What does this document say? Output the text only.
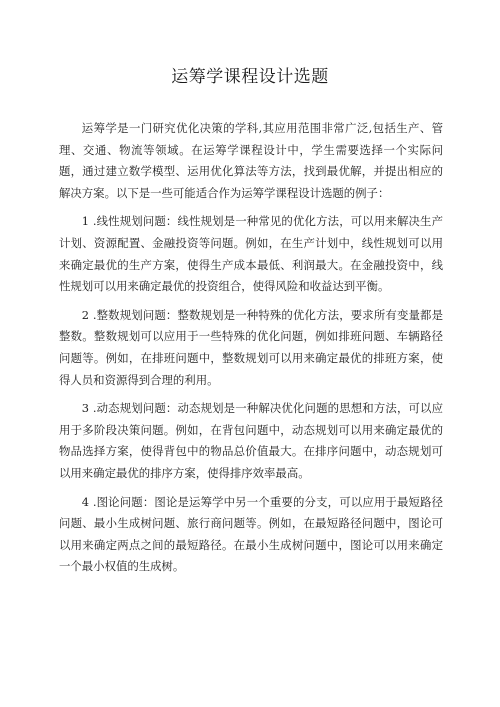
运筹学课程设计选题

运筹学是一门研究优化决策的学科,其应用范围非常广泛,包括生产、管理、交通、物流等领域。在运筹学课程设计中，学生需要选择一个实际问题，通过建立数学模型、运用优化算法等方法，找到最优解，并提出相应的解决方案。以下是一些可能适合作为运筹学课程设计选题的例子：

1 .线性规划问题：线性规划是一种常见的优化方法，可以用来解决生产计划、资源配置、金融投资等问题。例如，在生产计划中，线性规划可以用来确定最优的生产方案，使得生产成本最低、利润最大。在金融投资中，线性规划可以用来确定最优的投资组合，使得风险和收益达到平衡。

2 .整数规划问题：整数规划是一种特殊的优化方法，要求所有变量都是整数。整数规划可以应用于一些特殊的优化问题，例如排班问题、车辆路径问题等。例如，在排班问题中，整数规划可以用来确定最优的排班方案，使得人员和资源得到合理的利用。

3 .动态规划问题：动态规划是一种解决优化问题的思想和方法，可以应用于多阶段决策问题。例如，在背包问题中，动态规划可以用来确定最优的物品选择方案，使得背包中的物品总价值最大。在排序问题中，动态规划可以用来确定最优的排序方案，使得排序效率最高。

4 .图论问题：图论是运筹学中另一个重要的分支，可以应用于最短路径问题、最小生成树问题、旅行商问题等。例如，在最短路径问题中，图论可以用来确定两点之间的最短路径。在最小生成树问题中，图论可以用来确定一个最小权值的生成树。
